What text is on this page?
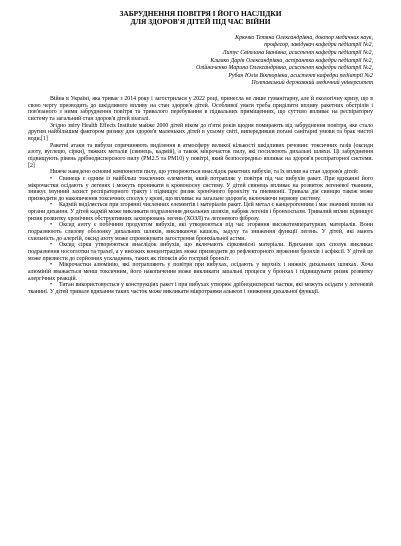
ЗАБРУДНЕННЯ ПОВІТРЯ І ЙОГО НАСЛІДКИ
ДЛЯ ЗДОРОВ'Я ДІТЕЙ ПІД ЧАС ВІЙНИ
Крючко Тетяна Олександрівна, доктор медичних наук,
професор, завідувач кафедри педіатрії №2,
Литус Світлана Іванівна, асистент кафедри педіатрії №2,
Климко Дарія Олександрівна, аспірантка кафедри педіатрії №2,
Олійниченко Марина Олександрівна, асистент кафедри педіатрії №2,
Рубан Юлія Вікторівна, асистент кафедри педіатрії №2
Полтавський державний медичний університет

Війна в Україні, яка триває з 2014 року і загострилася у 2022 році, принесла не лише гуманітарну, але й екологічну кризу, що в свою чергу призводить до шкідливого впливу на стан здоров'я дітей. Особливої уваги треба приділити впливу ракетних обстрілів і пов'язаного з ними забруднення повітря та тривалого перебування в підвальних приміщеннях, що суттєво впливає на респіраторну систему та загальний стан здоров'я дітей взагалі.

Згідно звіту Health Effects Institute майже 2000 дітей віком до п'яти років щодня помирають від забруднення повітря, яке стало другим найбільшим фактором ризику для здоров'я маленьких дітей в усьому світі, випередивши погані санітарні умови та брак чистої води.[1]

Ракетні атаки та вибухи спричиняють виділення в атмосферу великої кількості шкідливих речовин: токсичних газів (оксиди азоту, вуглецю, сірки), тяжких металів (свинець, кадмій), а також мікрочасток пилу, які посилюють дихальні шляхи. Ці забруднення підвищують рівень дрібнодисперсного пилу (PM2.5 та PM10) у повітрі, який безпосередньо впливає на здоров'я респіраторної системи. [2]

Нижче наведено основні компоненти пилу, що утворюються внаслідок ракетних вибухів, та їх вплив на стан здоров'я дітей:

• Свинець є одним із найбільш токсичних елементів, який потрапляє у повітря під час вибухів ракет. При вдиханні його мікрочастки осідають у легенях і можуть проникати в кровоносну систему. У дітей свинець впливає на розвиток легеневої тканини, знижує імунний захист респіраторного тракту і підвищує ризик хронічного бронхіту та пневмонії. Тривала дія свинцю також може призводити до накопичення токсичних сполук у крові, що впливає на загальне здоров'я, включаючи нервову систему.

• Кадмій виділяється при згорянні численних елементів і матеріалів ракет. Цей метал є канцерогенним і має значний вплив на органи дихання. У дітей кадмій може викликати подразнення дихальних шляхів, набряк легенів і бронхоспазм. Тривалий вплив підвищує ризик розвитку хронічних обструктивних захворювань легень (ХОЗЛ) та легеневого фіброзу.

• Оксид азоту є побічним продуктом вибухів, які утворюються під час згоряння високотемпературних матеріалів. Вони подразнюють слизову оболонку дихальних шляхів, викликаючи кашель, задуху та зниження функції легень. У дітей, які мають схильність до алергій, оксид азоту може спровокувати загострення бронхіальної астми.

• Оксид сірки утворюються внаслідок вибухів, що включають сірковмісні матеріали. Вдихання цих сполук викликає подразнення носоглотки та трахеї, а у високих концентраціях може призводити до рефлекторного звуження бронхів і асфіксії. У дітей це може призвести до серйозних ускладнень, таких як гіпоксія або гострий бронхіт.

• Мікрочастки алюмінію, які потрапляють у повітря при вибухах, осідають у верхніх і нижніх дихальних шляхах. Хоча алюміній вважається менш токсичним, його накопичення може викликати запальні процеси у бронхах і підвищувати ризик розвитку алергічних реакцій.

• Титан використовується у конструкціях ракет і при вибухах утворює дрібнодисперсні частки, які можуть осідати у легеневій тканині. У дітей тривале вдихання таких часток може викликати мікротравми альвеол і зниження дихальної функції.
